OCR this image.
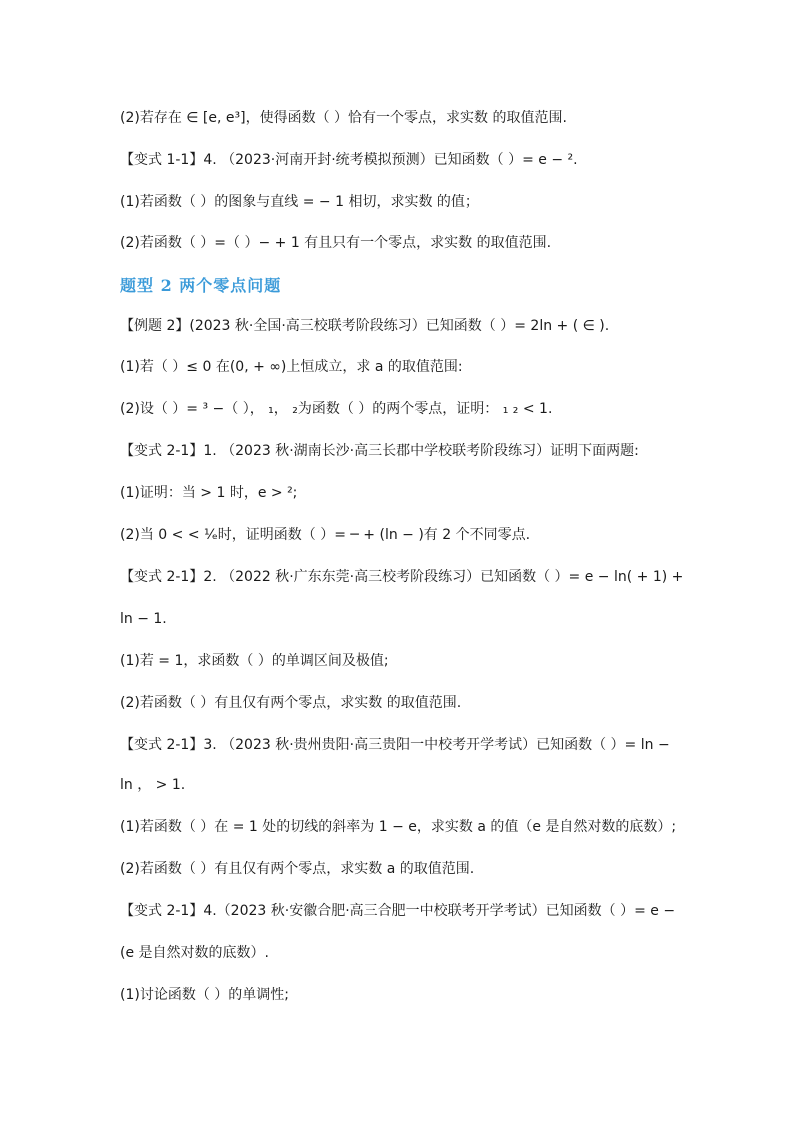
(2)若存在 ∈ [e, e³]，使得函数（ ）恰有一个零点，求实数 的取值范围.
【变式 1-1】4. （2023·河南开封·统考模拟预测）已知函数（ ）= e − ².
(1)若函数（ ）的图象与直线 = − 1 相切，求实数 的值；
(2)若函数（ ）=（ ）− + 1 有且只有一个零点，求实数 的取值范围.
题型 2 两个零点问题
【例题 2】(2023 秋·全国·高三校联考阶段练习）已知函数（ ）= 2ln + ( ∈ ).
(1)若（ ）≤ 0 在(0, + ∞)上恒成立，求 a 的取值范围:
(2)设（ ）= ³ −（ ）， ₁， ₂为函数（ ）的两个零点，证明： ₁ ₂ < 1.
【变式 2-1】1. （2023 秋·湖南长沙·高三长郡中学校联考阶段练习）证明下面两题:
(1)证明：当 > 1 时，e > ²;
(2)当 0 < < ¹⁄ₑ时，证明函数（ ）= ─ + (ln − )有 2 个不同零点.
【变式 2-1】2. （2022 秋·广东东莞·高三校考阶段练习）已知函数（ ）= e − ln( + 1) +
ln − 1.
(1)若 = 1，求函数（ ）的单调区间及极值;
(2)若函数（ ）有且仅有两个零点，求实数 的取值范围.
【变式 2-1】3. （2023 秋·贵州贵阳·高三贵阳一中校考开学考试）已知函数（ ）= ln −
ln ， > 1.
(1)若函数（ ）在 = 1 处的切线的斜率为 1 − e，求实数 a 的值（e 是自然对数的底数）;
(2)若函数（ ）有且仅有两个零点，求实数 a 的取值范围.
【变式 2-1】4.（2023 秋·安徽合肥·高三合肥一中校联考开学考试）已知函数（ ）= e −
(e 是自然对数的底数）.
(1)讨论函数（ ）的单调性;
